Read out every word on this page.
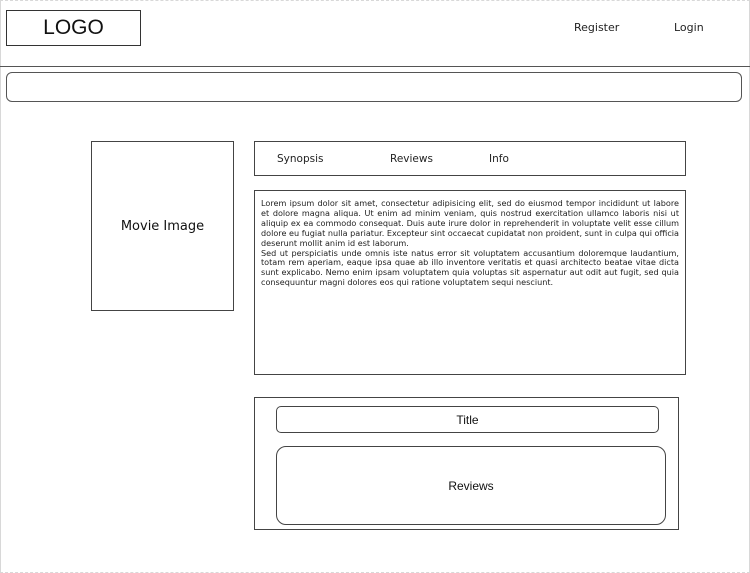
LOGO	Register	Login
Movie Image
Synopsis	Reviews	Info

Lorem ipsum dolor sit amet, consectetur adipisicing elit, sed do eiusmod tempor incididunt ut labore et dolore magna aliqua. Ut enim ad minim veniam, quis nostrud exercitation ullamco laboris nisi ut aliquip ex ea commodo consequat. Duis aute irure dolor in reprehenderit in voluptate velit esse cillum dolore eu fugiat nulla pariatur. Excepteur sint occaecat cupidatat non proident, sunt in culpa qui officia deserunt mollit anim id est laborum.

Sed ut perspiciatis unde omnis iste natus error sit voluptatem accusantium doloremque laudantium, totam rem aperiam, eaque ipsa quae ab illo inventore veritatis et quasi architecto beatae vitae dicta sunt explicabo. Nemo enim ipsam voluptatem quia voluptas sit aspernatur aut odit aut fugit, sed quia consequuntur magni dolores eos qui ratione voluptatem sequi nesciunt.

Title
Reviews
